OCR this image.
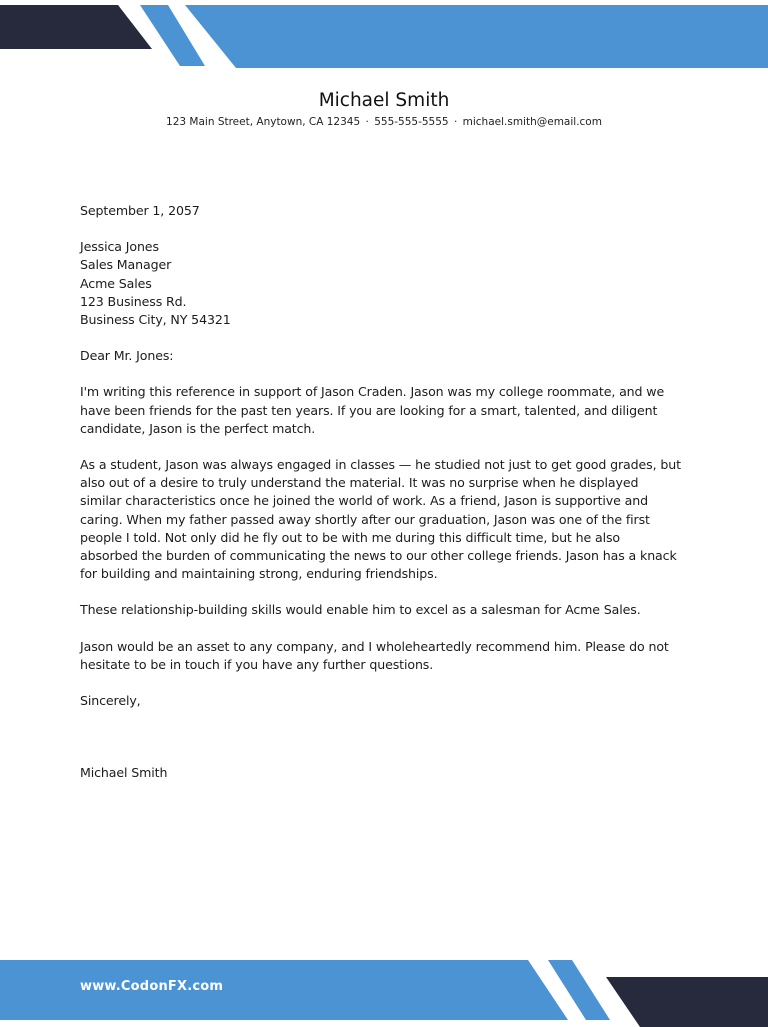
Michael Smith
123 Main Street, Anytown, CA 12345 · 555-555-5555 · michael.smith@email.com

September 1, 2057

Jessica Jones
Sales Manager
Acme Sales
123 Business Rd.
Business City, NY 54321

Dear Mr. Jones:

I'm writing this reference in support of Jason Craden. Jason was my college roommate, and we
have been friends for the past ten years. If you are looking for a smart, talented, and diligent
candidate, Jason is the perfect match.

As a student, Jason was always engaged in classes — he studied not just to get good grades, but
also out of a desire to truly understand the material. It was no surprise when he displayed
similar characteristics once he joined the world of work. As a friend, Jason is supportive and
caring. When my father passed away shortly after our graduation, Jason was one of the first
people I told. Not only did he fly out to be with me during this difficult time, but he also
absorbed the burden of communicating the news to our other college friends. Jason has a knack
for building and maintaining strong, enduring friendships.

These relationship-building skills would enable him to excel as a salesman for Acme Sales.

Jason would be an asset to any company, and I wholeheartedly recommend him. Please do not
hesitate to be in touch if you have any further questions.

Sincerely,

Michael Smith

www.CodonFX.com
